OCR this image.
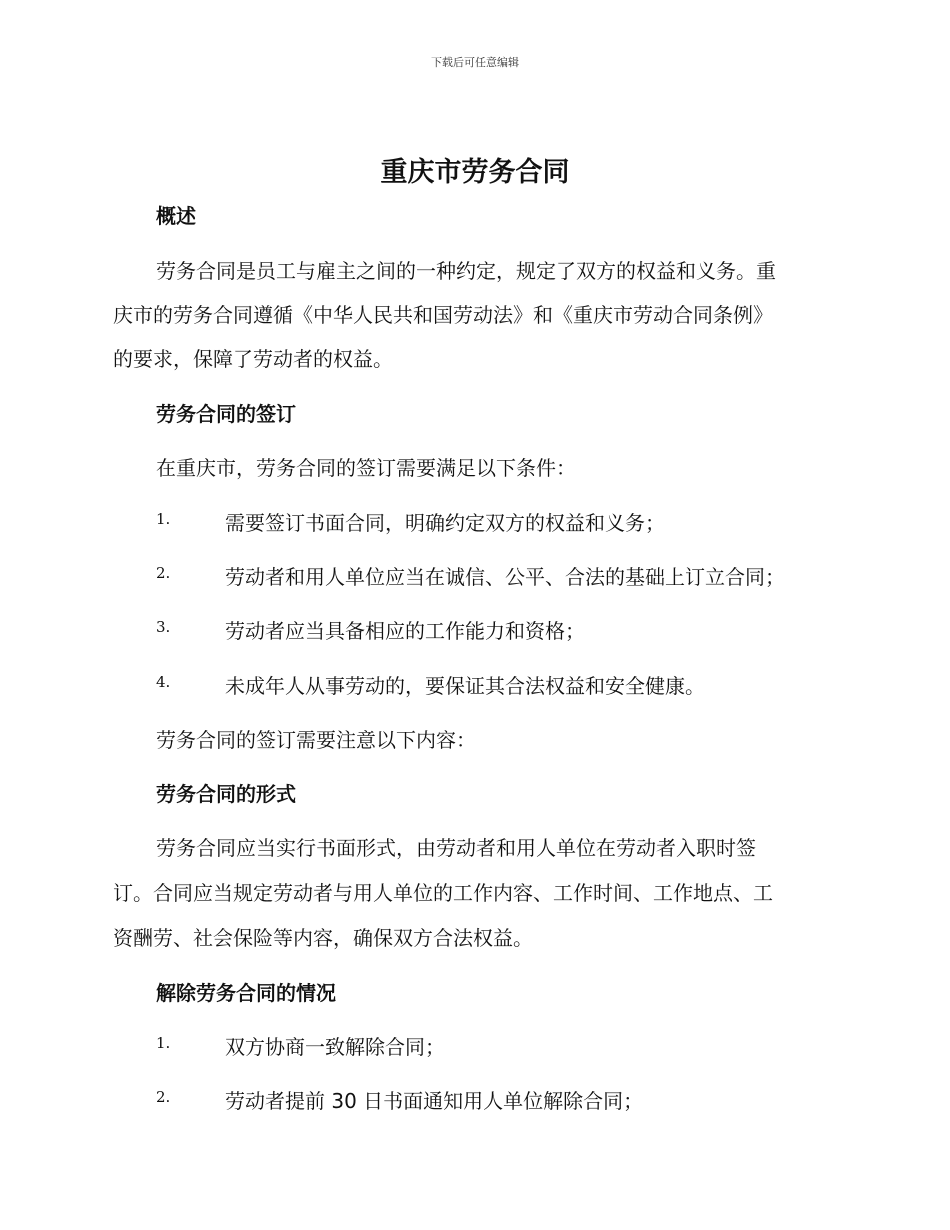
下载后可任意编辑
重庆市劳务合同
概述
劳务合同是员工与雇主之间的一种约定，规定了双方的权益和义务。重
庆市的劳务合同遵循《中华人民共和国劳动法》和《重庆市劳动合同条例》
的要求，保障了劳动者的权益。
劳务合同的签订
在重庆市，劳务合同的签订需要满足以下条件：
1.	需要签订书面合同，明确约定双方的权益和义务；
2.	劳动者和用人单位应当在诚信、公平、合法的基础上订立合同；
3.	劳动者应当具备相应的工作能力和资格；
4.	未成年人从事劳动的，要保证其合法权益和安全健康。
劳务合同的签订需要注意以下内容：
劳务合同的形式
劳务合同应当实行书面形式，由劳动者和用人单位在劳动者入职时签
订。合同应当规定劳动者与用人单位的工作内容、工作时间、工作地点、工
资酬劳、社会保险等内容，确保双方合法权益。
解除劳务合同的情况
1.	双方协商一致解除合同；
2.	劳动者提前 30 日书面通知用人单位解除合同；
